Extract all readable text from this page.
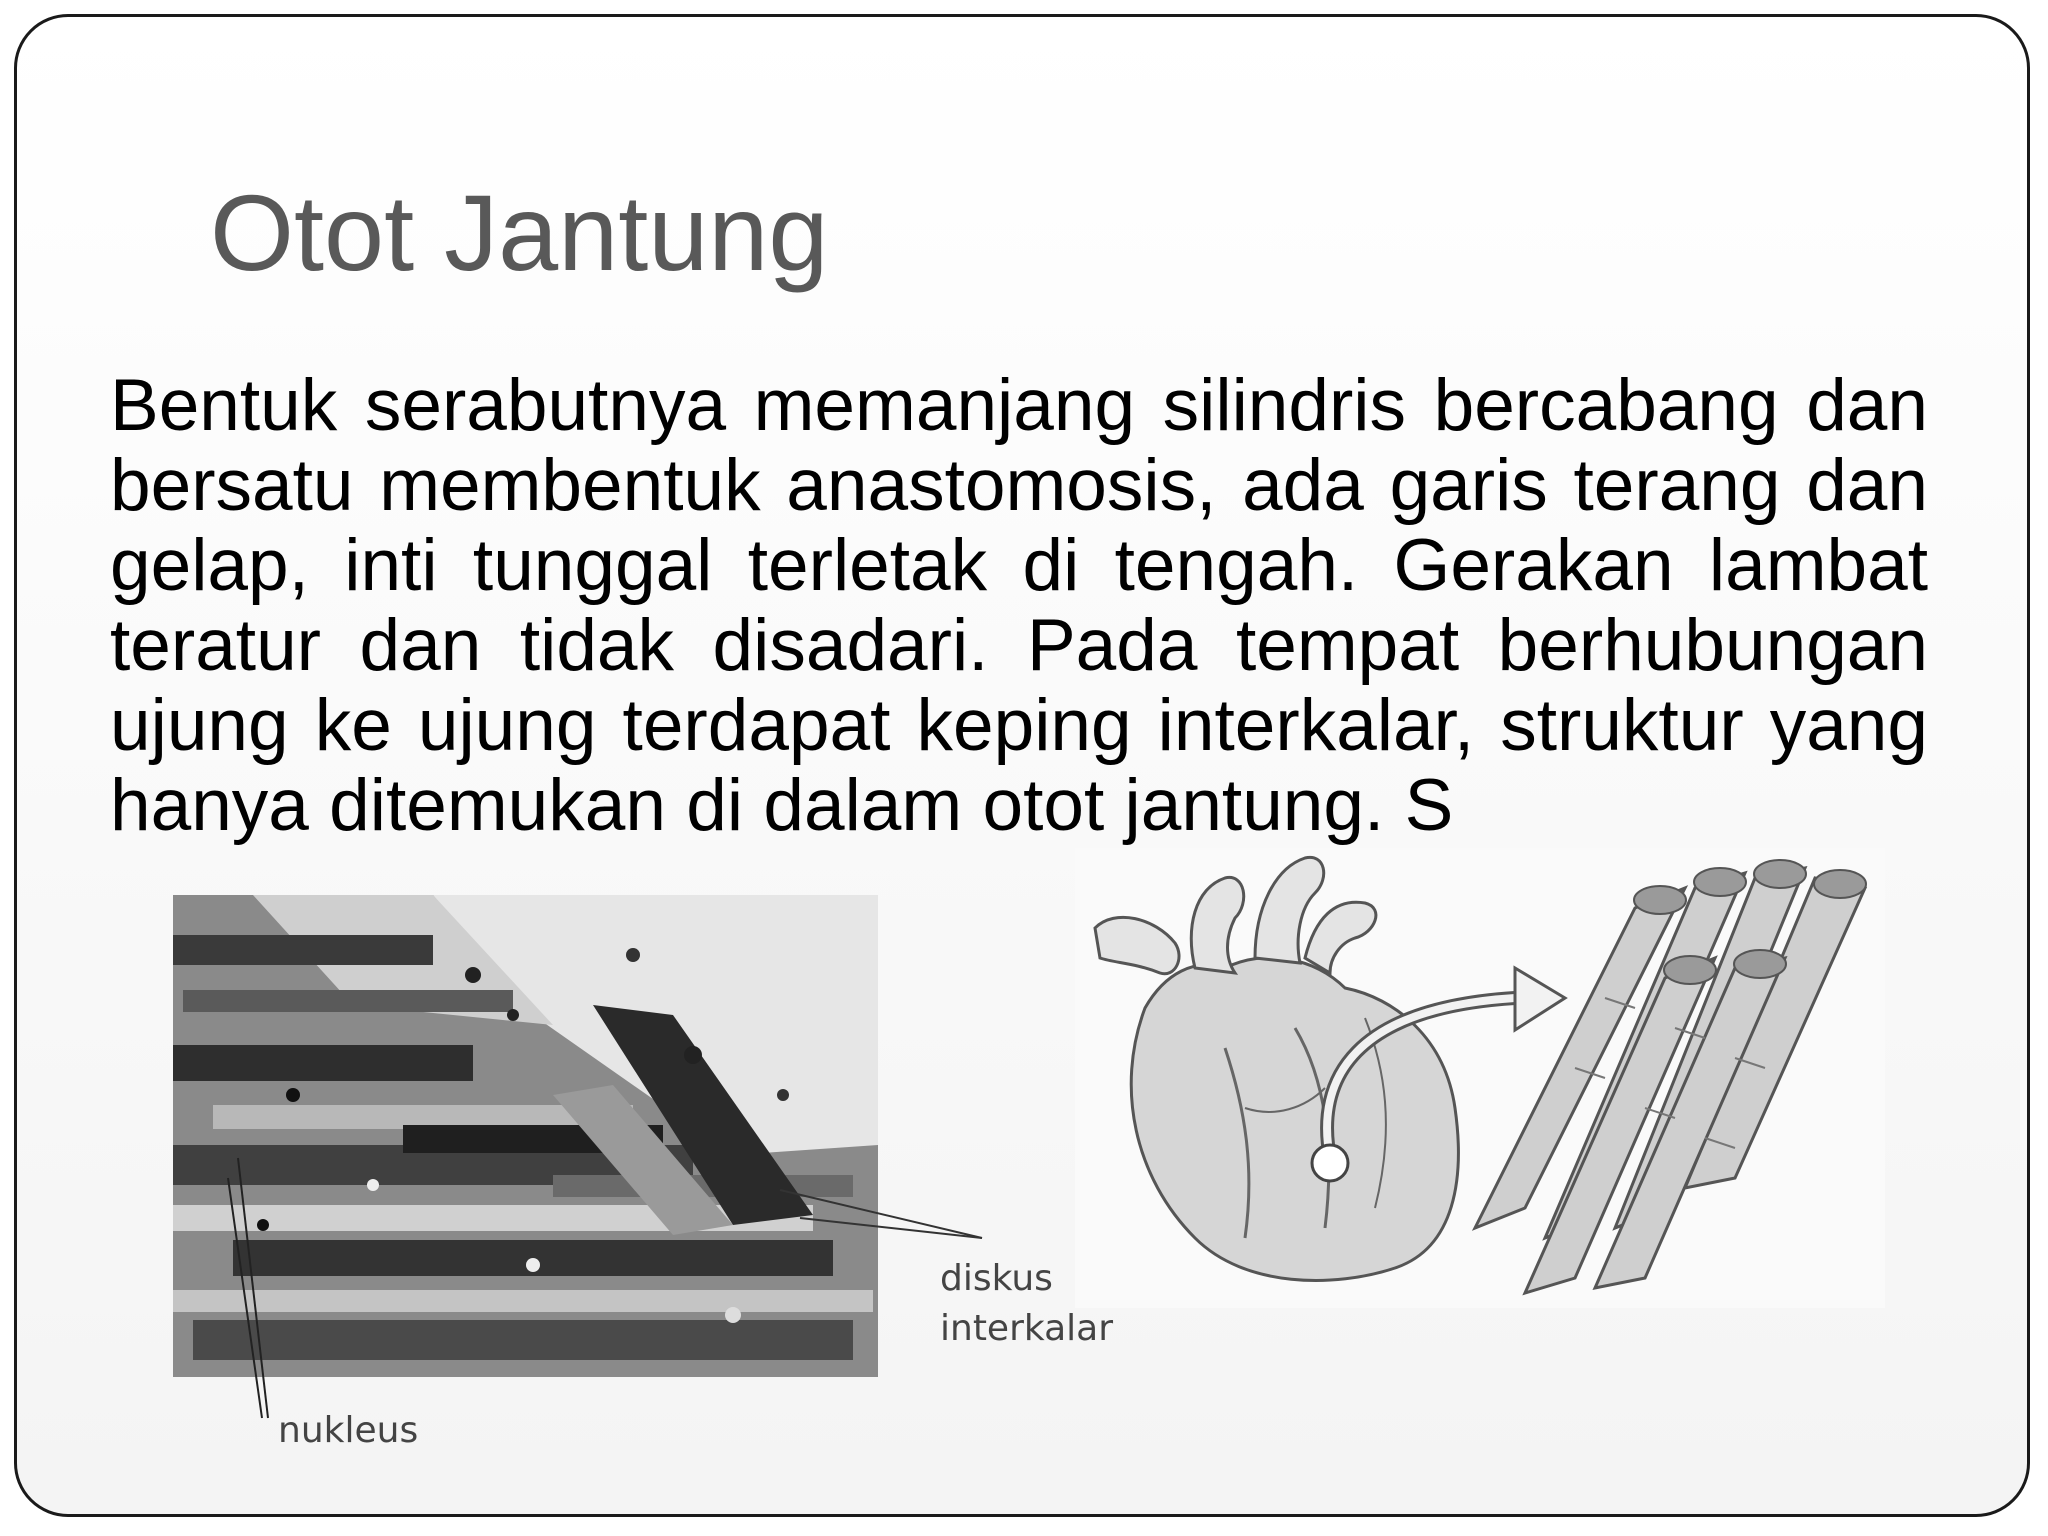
Otot Jantung
Bentuk serabutnya memanjang silindris bercabang dan bersatu membentuk anastomosis, ada garis terang dan gelap, inti tunggal terletak di tengah. Gerakan lambat teratur dan tidak disadari. Pada tempat berhubungan ujung ke ujung terdapat keping interkalar, struktur yang hanya ditemukan di dalam otot jantung. S
diskus
interkalar
nukleus
